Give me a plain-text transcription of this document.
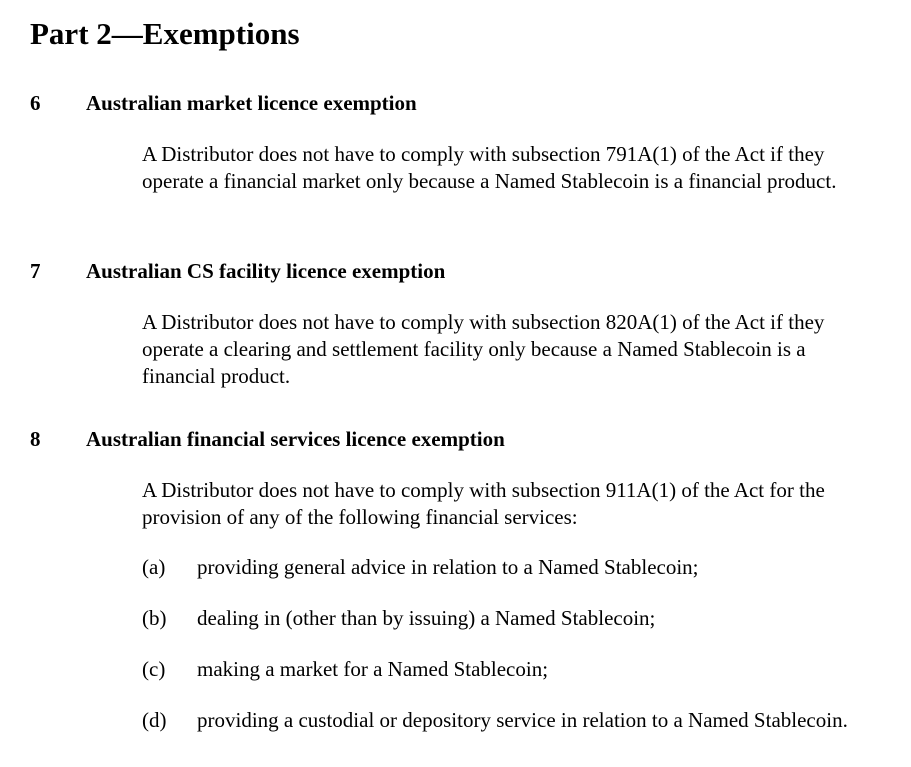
Part 2—Exemptions
6 Australian market licence exemption
A Distributor does not have to comply with subsection 791A(1) of the Act if they operate a financial market only because a Named Stablecoin is a financial product.
7 Australian CS facility licence exemption
A Distributor does not have to comply with subsection 820A(1) of the Act if they operate a clearing and settlement facility only because a Named Stablecoin is a financial product.
8 Australian financial services licence exemption
A Distributor does not have to comply with subsection 911A(1) of the Act for the provision of any of the following financial services:
(a) providing general advice in relation to a Named Stablecoin;
(b) dealing in (other than by issuing) a Named Stablecoin;
(c) making a market for a Named Stablecoin;
(d) providing a custodial or depository service in relation to a Named Stablecoin.
